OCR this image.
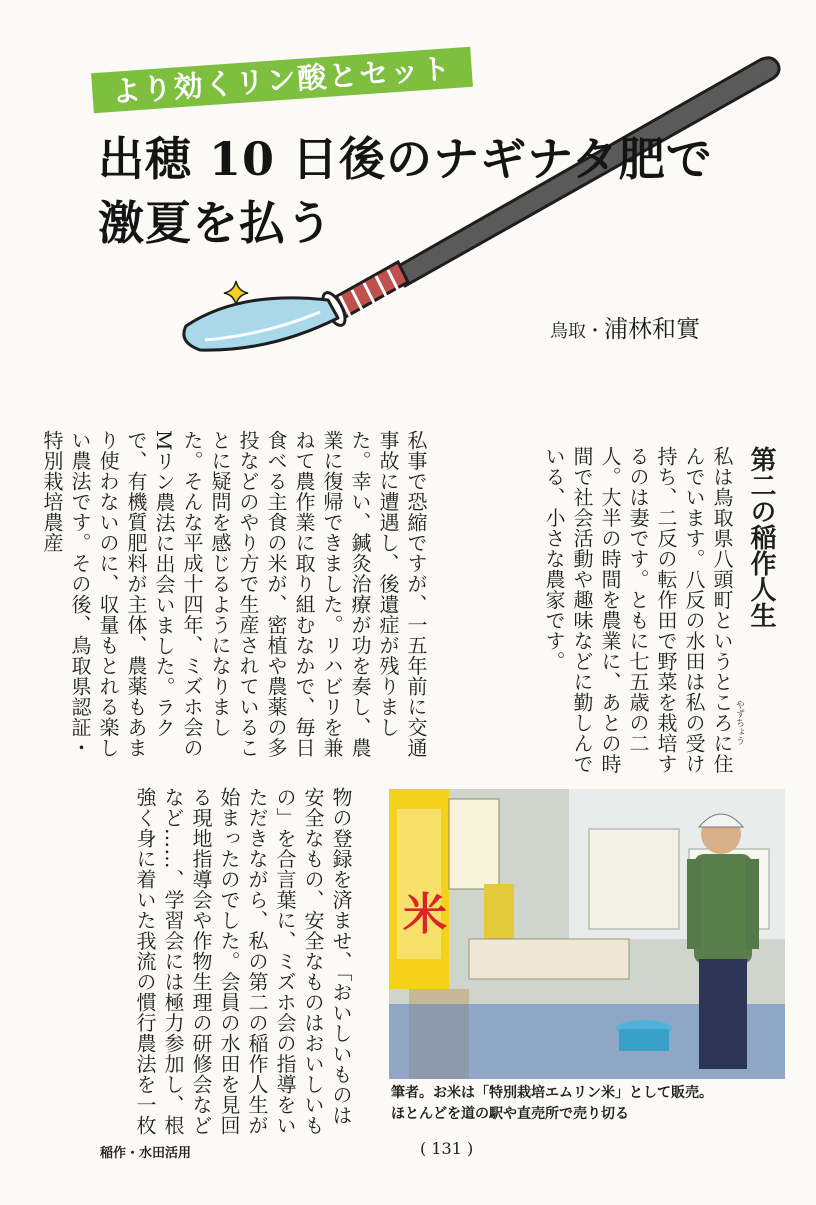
より効くリン酸とセット
出穂 10 日後のナギナタ肥で
激夏を払う
鳥取・浦林和實
第二の稲作人生
やずちょう
私は鳥取県八頭町というところに住んでいます。八反の水田は私の受け持ち、二反の転作田で野菜を栽培するのは妻です。ともに七五歳の二人。大半の時間を農業に、あとの時間で社会活動や趣味などに勤しんでいる、小さな農家です。
私事で恐縮ですが、一五年前に交通事故に遭遇し、後遺症が残りました。幸い、鍼灸治療が功を奏し、農業に復帰できました。リハビリを兼ねて農作業に取り組むなかで、毎日食べる主食の米が、密植や農薬の多投などのやり方で生産されていることに疑問を感じるようになりました。そんな平成十四年、ミズホ会のMリン農法に出会いました。ラクで、有機質肥料が主体、農薬もあまり使わないのに、収量もとれる楽しい農法です。その後、鳥取県認証・特別栽培農産
物の登録を済ませ、「おいしいものは安全なもの、安全なものはおいしいもの」を合言葉に、ミズホ会の指導をいただきながら、私の第二の稲作人生が始まったのでした。会員の水田を見回る現地指導会や作物生理の研修会などなど……、学習会には極力参加し、根強く身に着いた我流の慣行農法を一枚	米
筆者。お米は「特別栽培エムリン米」として販売。
ほとんどを道の駅や直売所で売り切る
稲作・水田活用	( 131 )
